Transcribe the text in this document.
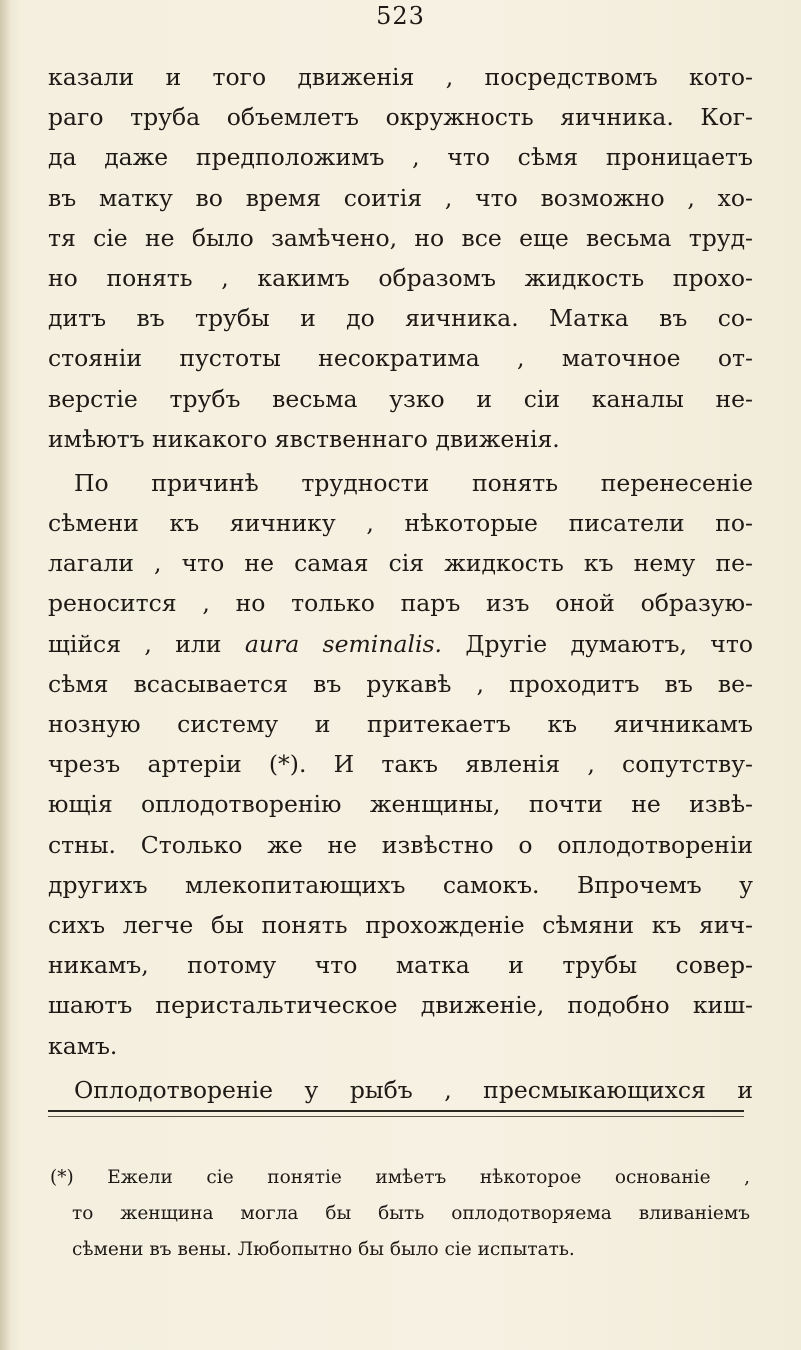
523
казали и того движенія , посредствомъ кото-
раго труба объемлетъ окружность яичника. Ког-
да даже предположимъ , что сѣмя проницаетъ
въ матку во время соитія , что возможно , хо-
тя сіе не было замѣчено, но все еще весьма труд-
но понять , какимъ образомъ жидкость прохо-
дитъ въ трубы и до яичника. Матка въ со-
стояніи пустоты несократима , маточное от-
верстіе трубъ весьма узко и сіи каналы не-
имѣютъ никакого явственнаго движенія.
По причинѣ трудности понять перенесеніе
сѣмени къ яичнику , нѣкоторые писатели по-
лагали , что не самая сія жидкость къ нему пе-
реносится , но только паръ изъ оной образую-
щійся , или aura seminalis. Другіе думаютъ, что
сѣмя всасывается въ рукавѣ , проходитъ въ ве-
нозную систему и притекаетъ къ яичникамъ
чрезъ артеріи (*). И такъ явленія , сопутству-
ющія оплодотворенію женщины, почти не извѣ-
стны. Столько же не извѣстно о оплодотвореніи
другихъ млекопитающихъ самокъ. Впрочемъ у
сихъ легче бы понять прохожденіе сѣмяни къ яич-
никамъ, потому что матка и трубы совер-
шаютъ перистальтическое движеніе, подобно киш-
камъ.
Оплодотвореніе у рыбъ , пресмыкающихся и
(*) Ежели сіе понятіе имѣетъ нѣкоторое основаніе ,
то женщина могла бы быть оплодотворяема вливаніемъ
сѣмени въ вены. Любопытно бы было сіе испытать.
